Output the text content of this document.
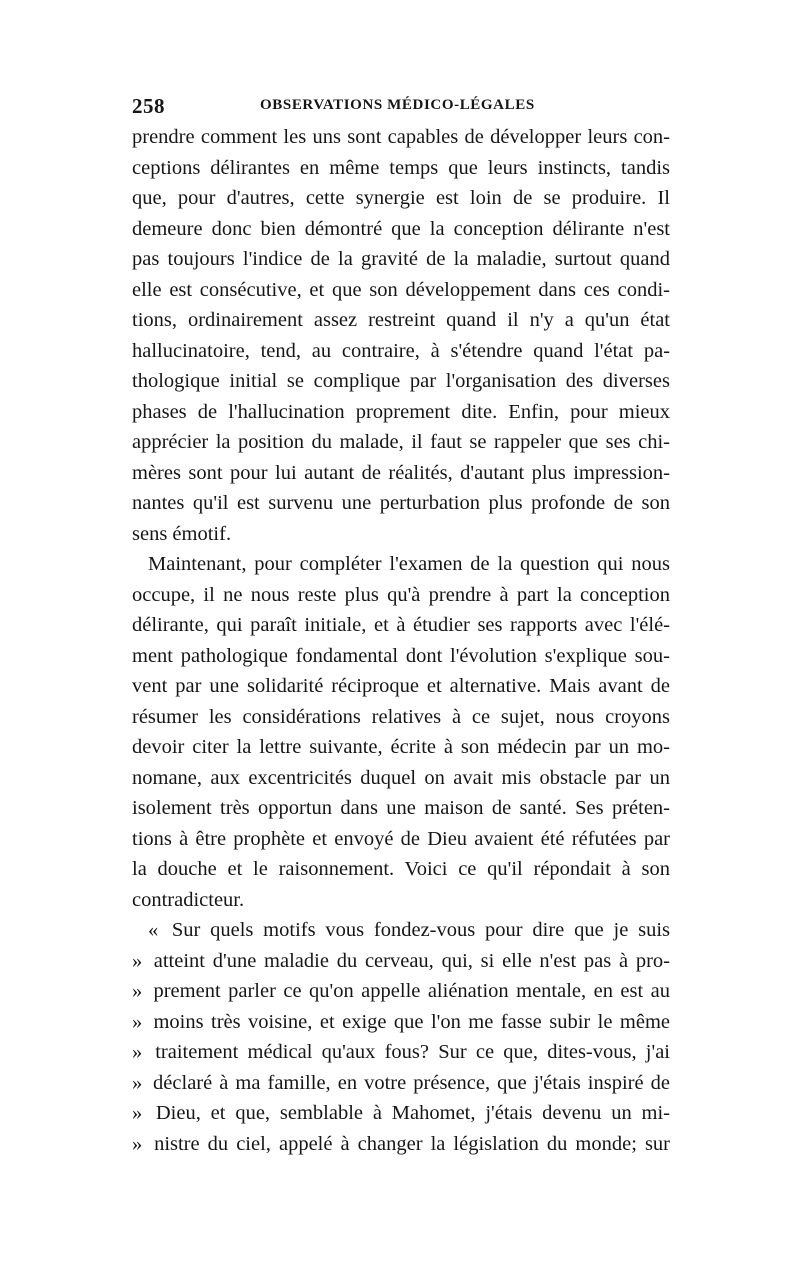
258	OBSERVATIONS MÉDICO-LÉGALES
prendre comment les uns sont capables de développer leurs con-
ceptions délirantes en même temps que leurs instincts, tandis
que, pour d'autres, cette synergie est loin de se produire. Il
demeure donc bien démontré que la conception délirante n'est
pas toujours l'indice de la gravité de la maladie, surtout quand
elle est consécutive, et que son développement dans ces condi-
tions, ordinairement assez restreint quand il n'y a qu'un état
hallucinatoire, tend, au contraire, à s'étendre quand l'état pa-
thologique initial se complique par l'organisation des diverses
phases de l'hallucination proprement dite. Enfin, pour mieux
apprécier la position du malade, il faut se rappeler que ses chi-
mères sont pour lui autant de réalités, d'autant plus impression-
nantes qu'il est survenu une perturbation plus profonde de son
sens émotif.
Maintenant, pour compléter l'examen de la question qui nous
occupe, il ne nous reste plus qu'à prendre à part la conception
délirante, qui paraît initiale, et à étudier ses rapports avec l'élé-
ment pathologique fondamental dont l'évolution s'explique sou-
vent par une solidarité réciproque et alternative. Mais avant de
résumer les considérations relatives à ce sujet, nous croyons
devoir citer la lettre suivante, écrite à son médecin par un mo-
nomane, aux excentricités duquel on avait mis obstacle par un
isolement très opportun dans une maison de santé. Ses préten-
tions à être prophète et envoyé de Dieu avaient été réfutées par
la douche et le raisonnement. Voici ce qu'il répondait à son
contradicteur.
« Sur quels motifs vous fondez-vous pour dire que je suis
» atteint d'une maladie du cerveau, qui, si elle n'est pas à pro-
» prement parler ce qu'on appelle aliénation mentale, en est au
» moins très voisine, et exige que l'on me fasse subir le même
» traitement médical qu'aux fous? Sur ce que, dites-vous, j'ai
» déclaré à ma famille, en votre présence, que j'étais inspiré de
» Dieu, et que, semblable à Mahomet, j'étais devenu un mi-
» nistre du ciel, appelé à changer la législation du monde; sur
